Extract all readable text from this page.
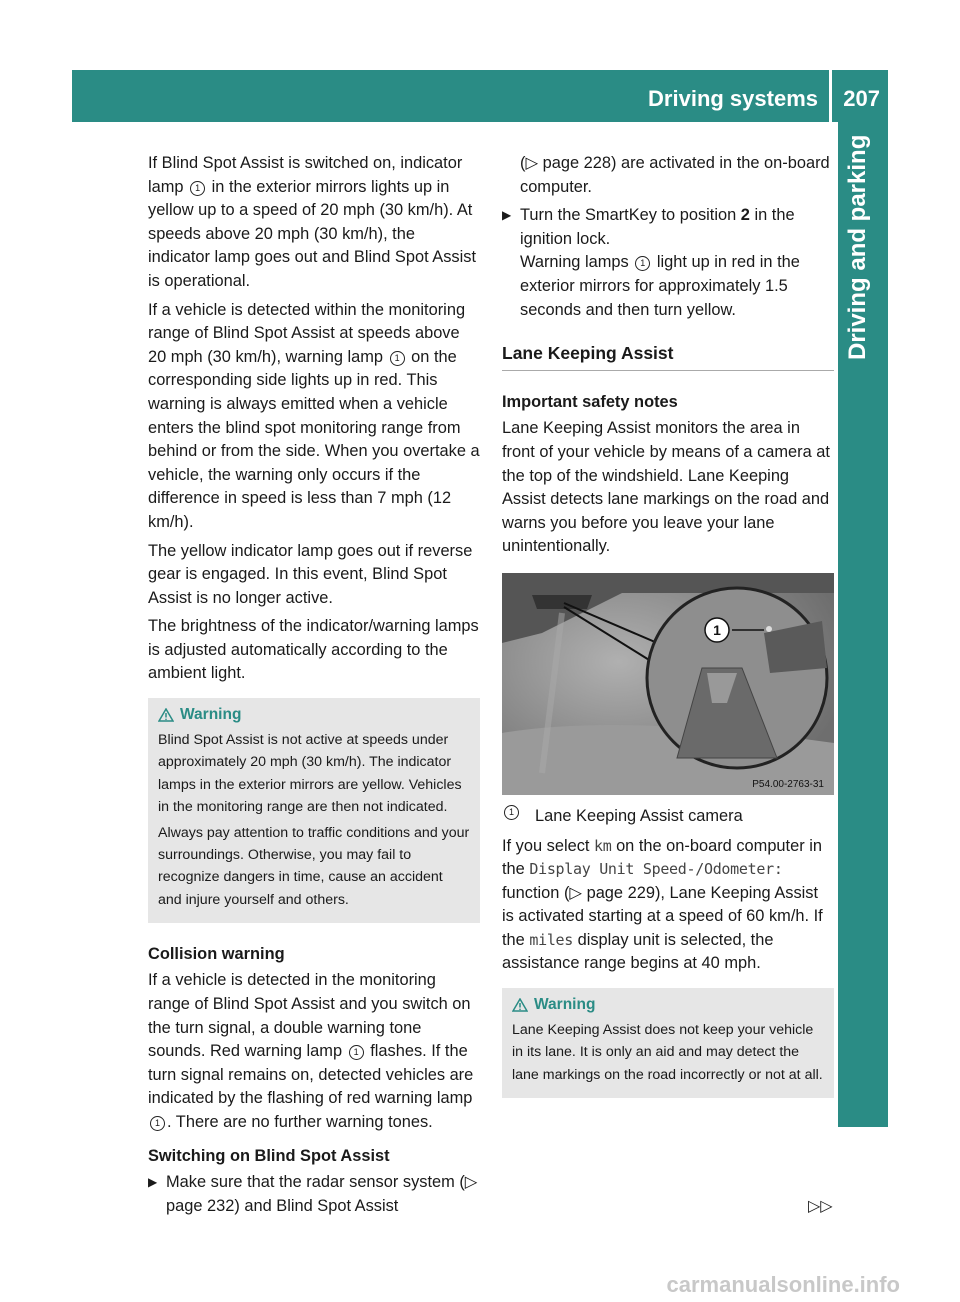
Driving systems 207
Driving and parking

If Blind Spot Assist is switched on, indicator lamp 1 in the exterior mirrors lights up in yellow up to a speed of 20 mph (30 km/h). At speeds above 20 mph (30 km/h), the indicator lamp goes out and Blind Spot Assist is operational.

If a vehicle is detected within the monitoring range of Blind Spot Assist at speeds above 20 mph (30 km/h), warning lamp 1 on the corresponding side lights up in red. This warning is always emitted when a vehicle enters the blind spot monitoring range from behind or from the side. When you overtake a vehicle, the warning only occurs if the difference in speed is less than 7 mph (12 km/h).

The yellow indicator lamp goes out if reverse gear is engaged. In this event, Blind Spot Assist is no longer active.

The brightness of the indicator/warning lamps is adjusted automatically according to the ambient light.

Warning

Blind Spot Assist is not active at speeds under approximately 20 mph (30 km/h). The indicator lamps in the exterior mirrors are yellow. Vehicles in the monitoring range are then not indicated.

Always pay attention to traffic conditions and your surroundings. Otherwise, you may fail to recognize dangers in time, cause an accident and injure yourself and others.

Collision warning

If a vehicle is detected in the monitoring range of Blind Spot Assist and you switch on the turn signal, a double warning tone sounds. Red warning lamp 1 flashes. If the turn signal remains on, detected vehicles are indicated by the flashing of red warning lamp 1 . There are no further warning tones.

Switching on Blind Spot Assist

▶ Make sure that the radar sensor system (▷ page 232) and Blind Spot Assist

(▷ page 228) are activated in the on-board computer.

▶ Turn the SmartKey to position 2 in the ignition lock.
Warning lamps 1 light up in red in the exterior mirrors for approximately 1.5 seconds and then turn yellow.
Lane Keeping Assist

Important safety notes

Lane Keeping Assist monitors the area in front of your vehicle by means of a camera at the top of the windshield. Lane Keeping Assist detects lane markings on the road and warns you before you leave your lane unintentionally.

1
P54.00-2763-31
1	Lane Keeping Assist camera

If you select km on the on-board computer in the Display Unit Speed-/Odometer: function (▷ page 229), Lane Keeping Assist is activated starting at a speed of 60 km/h. If the miles display unit is selected, the assistance range begins at 40 mph.

Warning

Lane Keeping Assist does not keep your vehicle in its lane. It is only an aid and may detect the lane markings on the road incorrectly or not at all.

▷▷
carmanualsonline.info
